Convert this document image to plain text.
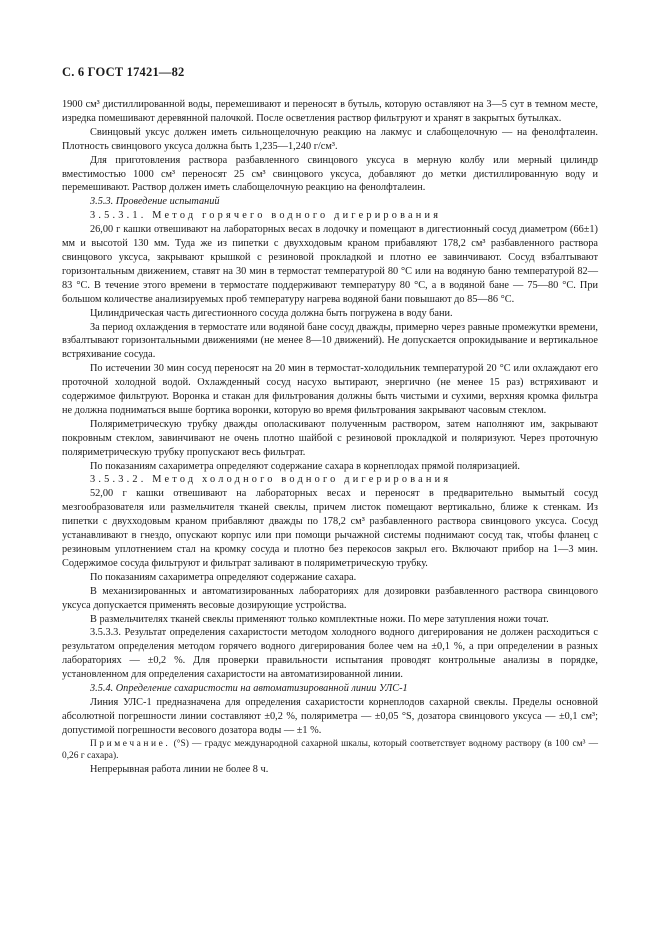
С. 6 ГОСТ 17421—82

1900 см³ дистиллированной воды, перемешивают и переносят в бутыль, которую оставляют на 3—5 сут в темном месте, изредка помешивают деревянной палочкой. После осветления раствор фильтруют и хранят в закрытых бутылках.

Свинцовый уксус должен иметь сильнощелочную реакцию на лакмус и слабощелочную — на фенолфталеин. Плотность свинцового уксуса должна быть 1,235—1,240 г/см³.

Для приготовления раствора разбавленного свинцового уксуса в мерную колбу или мерный цилиндр вместимостью 1000 см³ переносят 25 см³ свинцового уксуса, добавляют до метки дистиллированную воду и перемешивают. Раствор должен иметь слабощелочную реакцию на фенолфталеин.

3.5.3. Проведение испытаний

3.5.3.1. Метод горячего водного дигерирования

26,00 г кашки отвешивают на лабораторных весах в лодочку и помещают в дигестионный сосуд диаметром (66±1) мм и высотой 130 мм. Туда же из пипетки с двухходовым краном прибавляют 178,2 см³ разбавленного раствора свинцового уксуса, закрывают крышкой с резиновой прокладкой и плотно ее завинчивают. Сосуд взбалтывают горизонтальным движением, ставят на 30 мин в термостат температурой 80 °С или на водяную баню температурой 82—83 °С. В течение этого времени в термостате поддерживают температуру 80 °С, а в водяной бане — 75—80 °С. При большом количестве анализируемых проб температуру нагрева водяной бани повышают до 85—86 °С.

Цилиндрическая часть дигестионного сосуда должна быть погружена в воду бани.

За период охлаждения в термостате или водяной бане сосуд дважды, примерно через равные промежутки времени, взбалтывают горизонтальными движениями (не менее 8—10 движений). Не допускается опрокидывание и вертикальное встряхивание сосуда.

По истечении 30 мин сосуд переносят на 20 мин в термостат-холодильник температурой 20 °С или охлаждают его проточной холодной водой. Охлажденный сосуд насухо вытирают, энергично (не менее 15 раз) встряхивают и содержимое фильтруют. Воронка и стакан для фильтрования должны быть чистыми и сухими, верхняя кромка фильтра не должна подниматься выше бортика воронки, которую во время фильтрования закрывают часовым стеклом.

Поляриметрическую трубку дважды ополаскивают полученным раствором, затем наполняют им, закрывают покровным стеклом, завинчивают не очень плотно шайбой с резиновой прокладкой и поляризуют. Через проточную поляриметрическую трубку пропускают весь фильтрат.

По показаниям сахариметра определяют содержание сахара в корнеплодах прямой поляризацией.

3.5.3.2. Метод холодного водного дигерирования

52,00 г кашки отвешивают на лабораторных весах и переносят в предварительно вымытый сосуд мезгообразователя или размельчителя тканей свеклы, причем листок помещают вертикально, ближе к стенкам. Из пипетки с двухходовым краном прибавляют дважды по 178,2 см³ разбавленного раствора свинцового уксуса. Сосуд устанавливают в гнездо, опускают корпус или при помощи рычажной системы поднимают сосуд так, чтобы фланец с резиновым уплотнением стал на кромку сосуда и плотно без перекосов закрыл его. Включают прибор на 1—3 мин. Содержимое сосуда фильтруют и фильтрат заливают в поляриметрическую трубку.

По показаниям сахариметра определяют содержание сахара.

В механизированных и автоматизированных лабораториях для дозировки разбавленного раствора свинцового уксуса допускается применять весовые дозирующие устройства.

В размельчителях тканей свеклы применяют только комплектные ножи. По мере затупления ножи точат.

3.5.3.3. Результат определения сахаристости методом холодного водного дигерирования не должен расходиться с результатом определения методом горячего водного дигерирования более чем на ±0,1 %, а при определении в разных лабораториях — ±0,2 %. Для проверки правильности испытания проводят контрольные анализы в порядке, установленном для определения сахаристости на автоматизированной линии.

3.5.4. Определение сахаристости на автоматизированной линии УЛС-1

Линия УЛС-1 предназначена для определения сахаристости корнеплодов сахарной свеклы. Пределы основной абсолютной погрешности линии составляют ±0,2 %, поляриметра — ±0,05 °S, дозатора свинцового уксуса — ±0,1 см³; допустимой погрешности весового дозатора воды — ±1 %.

Примечание. (°S) — градус международной сахарной шкалы, который соответствует водному раствору (в 100 см³ — 0,26 г сахара).

Непрерывная работа линии не более 8 ч.
